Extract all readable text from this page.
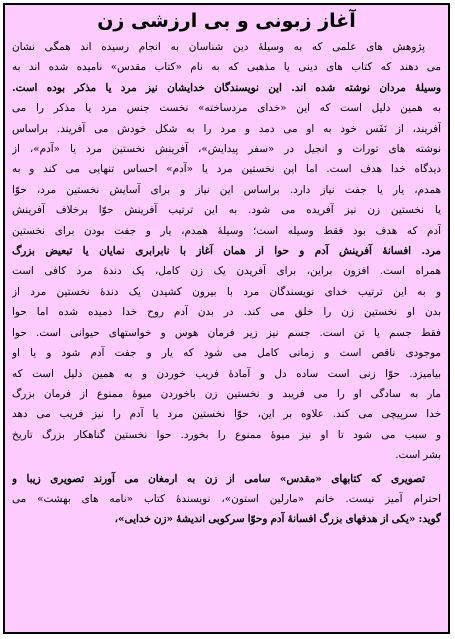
آغاز زبونی و بی ارزشی زن

پژوهش های علمی که به وسیلهٔ دین شناسان به انجام رسیده اند همگی نشان
می دهند که کتاب های دینی یا مذهبی که به نام «کتاب مقدس» نامیده شده اند به
وسیلهٔ مردان نوشته شده اند. این نویسندگان خدایشان نیز مرد یا مذکر بوده است.
به همین دلیل است که این «خدای مردساخته» نخست جنس مرد یا مذکر را می
آفریند، از نَفَس خود به او می دمد و مرد را به شکل خودش می آفریند. براساس
نوشته های تورات و انجیل در «سفر پیدایش»، آفرینش نخستین مرد یا «آدم»، از
دیدگاه خدا هدف است. اما این نخستین مرد یا «آدم» احساس تنهایی می کند و به
همدم، یار یا جفت نیاز دارد. براساس این نیاز و برای آسایش نخستین مرد، حوّا
یا نخستین زن نیز آفریده می شود. به این ترتیب آفرینش حوّا برخلاف آفرینش
آدم که هدف بود فقط وسیله است؛ وسیلهٔ همدم، یار و جفت بودن برای نخستین
مرد. افسانهٔ آفرینش آدم و حوا از همان آغاز با نابرابری نمایان یا تبعیض بزرگ
همراه است. افزون براین، برای آفریدن یک زن کامل، یک دندهٔ مرد کافی است
و به این ترتیب خدای نویسندگان مرد با بیرون کشیدن یک دندهٔ نخستین مرد از
بدن او نخستین زن را خلق می کند. در بدن آدم روح خدا دمیده شده اما حوا
فقط جسم یا تن است. جسم نیز زیر فرمان هوس و خواستهای حیوانی است. حوا
موجودی ناقص است و زمانی کامل می شود که یار و جفت آدم شود و یا او
بیامیزد. حوّا زنی است ساده دل و آمادهٔ فریب خوردن و به همین دلیل است که
مار به سادگی او را می فریبد و نخستین زن باخوردن میوهٔ ممنوع از فرمان بزرگ
خدا سرپیچی می کند. علاوه بر این، حوّا نخستین مرد یا آدم را نیز فریب می دهد
و سبب می شود تا او نیز میوهٔ ممنوع را بخورد. حوا نخستین گناهکار بزرگ تاریخ
بشر است.

تصویری که کتابهای «مقدس» سامی از زن به ارمغان می آورند تصویری زیبا و
احترام آمیز نیست. خانم «مارلین استون»، نویسندهٔ کتاب «نامه های بهشت» می
گوید: «یکی از هدفهای بزرگ افسانهٔ آدم وحوّا سرکوبی اندیشهٔ «زن خدایی»،
